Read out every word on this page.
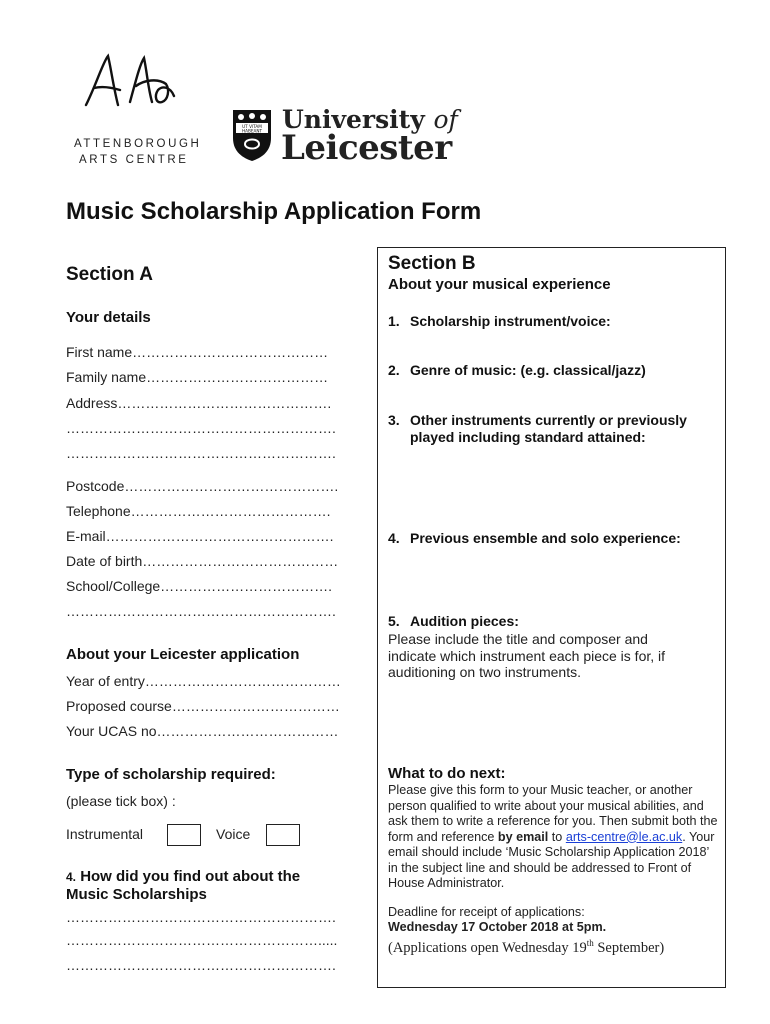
ATTENBOROUGH
ARTS CENTRE
UT VITAM
HABEANT University of
Leicester
Music Scholarship Application Form
Section A
Your details
First name……………………………………
Family name…………………………………
Address……………………………………….
………………………………………………….
………………………………………………….
Postcode……………………………………….
Telephone…………………………………….
E-mail………………………………………….
Date of birth……………………………………
School/College……………………………….
………………………………………………….
About your Leicester application
Year of entry……………………………………
Proposed course………………………………
Your UCAS no…………………………………
Type of scholarship required:
(please tick box) :
Instrumental	Voice
4. How did you find out about the
Music Scholarships
………………………………………………….
……………………………………………….....
………………………………………………….
Section B
About your musical experience
1. Scholarship instrument/voice:
2. Genre of music: (e.g. classical/jazz)
3. Other instruments currently or previously played including standard attained:
4. Previous ensemble and solo experience:
5. Audition pieces:
Please include the title and composer and
indicate which instrument each piece is for, if
auditioning on two instruments.
What to do next:
Please give this form to your Music teacher, or another person qualified to write about your musical abilities, and ask them to write a reference for you. Then submit both the form and reference by email to arts-centre@le.ac.uk. Your email should include ‘Music Scholarship Application 2018’ in the subject line and should be addressed to Front of House Administrator.
Deadline for receipt of applications:
Wednesday 17 October 2018 at 5pm.
(Applications open Wednesday 19th September)
